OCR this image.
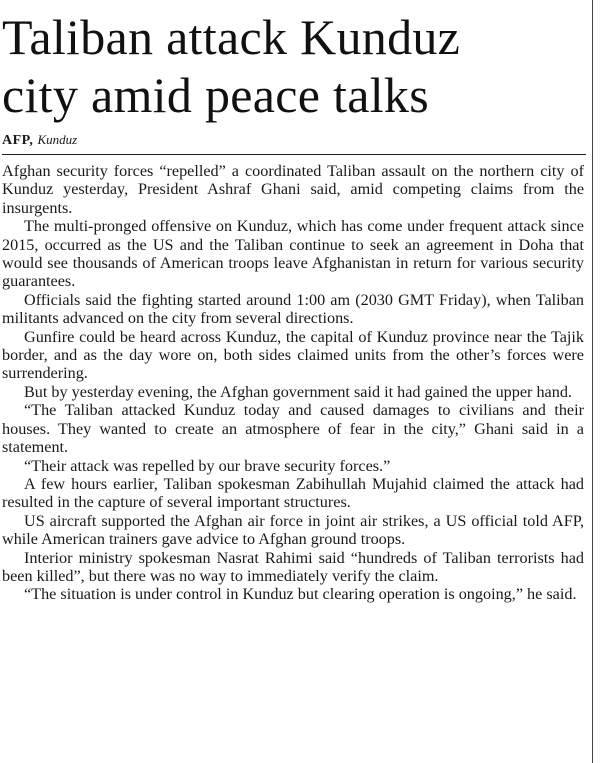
Taliban attack Kunduz
city amid peace talks
AFP, Kunduz

Afghan security forces “repelled” a coordinated Taliban assault on the northern city of Kunduz yesterday, President Ashraf Ghani said, amid competing claims from the insurgents.

The multi-pronged offensive on Kunduz, which has come under frequent attack since 2015, occurred as the US and the Taliban continue to seek an agreement in Doha that would see thousands of American troops leave Afghanistan in return for various security guarantees.

Officials said the fighting started around 1:00 am (2030 GMT Friday), when Taliban militants advanced on the city from several directions.

Gunfire could be heard across Kunduz, the capital of Kunduz province near the Tajik border, and as the day wore on, both sides claimed units from the other’s forces were surrendering.

But by yesterday evening, the Afghan government said it had gained the upper hand.

“The Taliban attacked Kunduz today and caused damages to civilians and their houses. They wanted to create an atmosphere of fear in the city,” Ghani said in a statement.

“Their attack was repelled by our brave security forces.”

A few hours earlier, Taliban spokesman Zabihullah Mujahid claimed the attack had resulted in the capture of several important structures.

US aircraft supported the Afghan air force in joint air strikes, a US official told AFP, while American trainers gave advice to Afghan ground troops.

Interior ministry spokesman Nasrat Rahimi said “hundreds of Taliban terrorists had been killed”, but there was no way to immediately verify the claim.

“The situation is under control in Kunduz but clearing operation is ongoing,” he said.
